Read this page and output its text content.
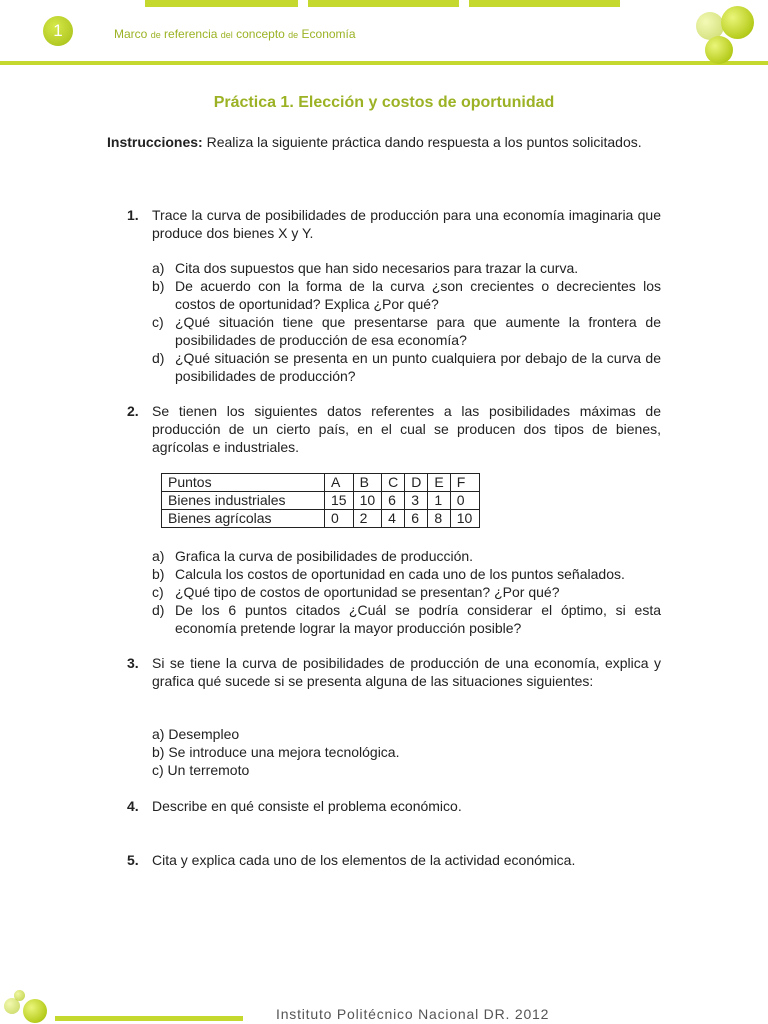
1	Marco de referencia del concepto de Economía
Práctica 1. Elección y costos de oportunidad
Instrucciones: Realiza la siguiente práctica dando respuesta a los puntos solicitados.
1. Trace la curva de posibilidades de producción para una economía imaginaria que produce dos bienes X y Y.
a) Cita dos supuestos que han sido necesarios para trazar la curva.
b) De acuerdo con la forma de la curva ¿son crecientes o decrecientes los costos de oportunidad? Explica ¿Por qué?
c) ¿Qué situación tiene que presentarse para que aumente la frontera de posibilidades de producción de esa economía?
d) ¿Qué situación se presenta en un punto cualquiera por debajo de la curva de posibilidades de producción?
2. Se tienen los siguientes datos referentes a las posibilidades máximas de producción de un cierto país, en el cual se producen dos tipos de bienes, agrícolas e industriales.
Puntos	A	B	C	D	E	F
Bienes industriales	15	10	6	3	1	0
Bienes agrícolas	0	2	4	6	8	10
a) Grafica la curva de posibilidades de producción.
b) Calcula los costos de oportunidad en cada uno de los puntos señalados.
c) ¿Qué tipo de costos de oportunidad se presentan? ¿Por qué?
d) De los 6 puntos citados ¿Cuál se podría considerar el óptimo, si esta economía pretende lograr la mayor producción posible?
3. Si se tiene la curva de posibilidades de producción de una economía, explica y grafica qué sucede si se presenta alguna de las situaciones siguientes:
a) Desempleo
b) Se introduce una mejora tecnológica.
c) Un terremoto
4. Describe en qué consiste el problema económico.
5. Cita y explica cada uno de los elementos de la actividad económica.
Instituto Politécnico Nacional DR. 2012
